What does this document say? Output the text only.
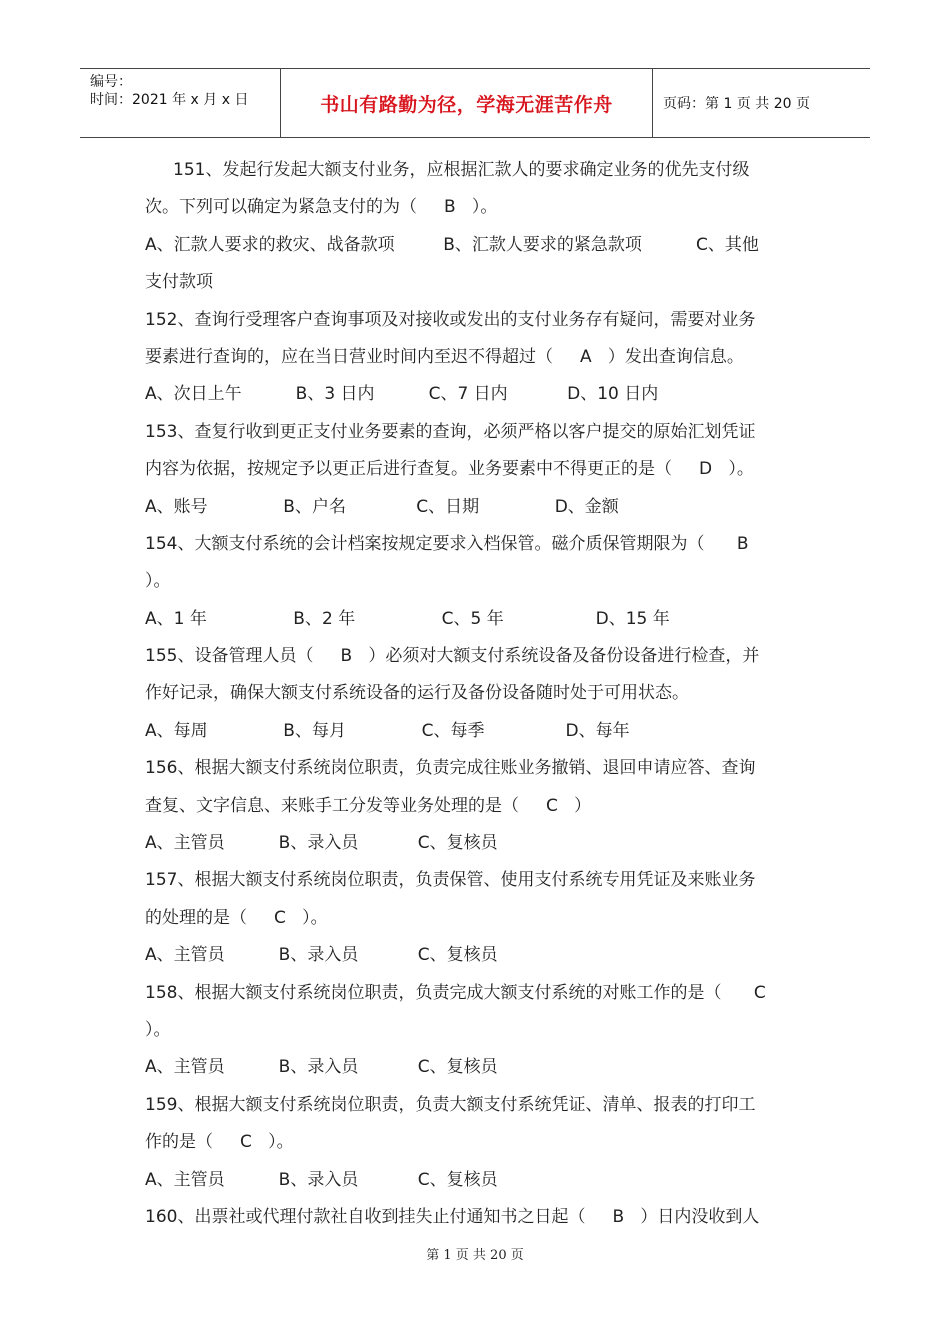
编号：
时间：2021 年 x 月 x 日	书山有路勤为径，学海无涯苦作舟	页码：第 1 页 共 20 页
151、发起行发起大额支付业务，应根据汇款人的要求确定业务的优先支付级
次。下列可以确定为紧急支付的为（     B   ）。
A、汇款人要求的救灾、战备款项         B、汇款人要求的紧急款项          C、其他
支付款项
152、查询行受理客户查询事项及对接收或发出的支付业务存有疑问，需要对业务
要素进行查询的，应在当日营业时间内至迟不得超过（     A   ）发出查询信息。
A、次日上午          B、3 日内          C、7 日内           D、10 日内
153、查复行收到更正支付业务要素的查询，必须严格以客户提交的原始汇划凭证
内容为依据，按规定予以更正后进行查复。业务要素中不得更正的是（     D   ）。
A、账号              B、户名             C、日期              D、金额
154、大额支付系统的会计档案按规定要求入档保管。磁介质保管期限为（      B
）。
A、1 年                B、2 年                C、5 年                 D、15 年
155、设备管理人员（     B   ）必须对大额支付系统设备及备份设备进行检查，并
作好记录，确保大额支付系统设备的运行及备份设备随时处于可用状态。
A、每周              B、每月              C、每季               D、每年
156、根据大额支付系统岗位职责，负责完成往账业务撤销、退回申请应答、查询
查复、文字信息、来账手工分发等业务处理的是（     C   ）
A、主管员          B、录入员           C、复核员
157、根据大额支付系统岗位职责，负责保管、使用支付系统专用凭证及来账业务
的处理的是（     C   ）。
A、主管员          B、录入员           C、复核员
158、根据大额支付系统岗位职责，负责完成大额支付系统的对账工作的是（      C
）。
A、主管员          B、录入员           C、复核员
159、根据大额支付系统岗位职责，负责大额支付系统凭证、清单、报表的打印工
作的是（     C   ）。
A、主管员          B、录入员           C、复核员
160、出票社或代理付款社自收到挂失止付通知书之日起（     B   ）日内没收到人
第 1 页 共 20 页
